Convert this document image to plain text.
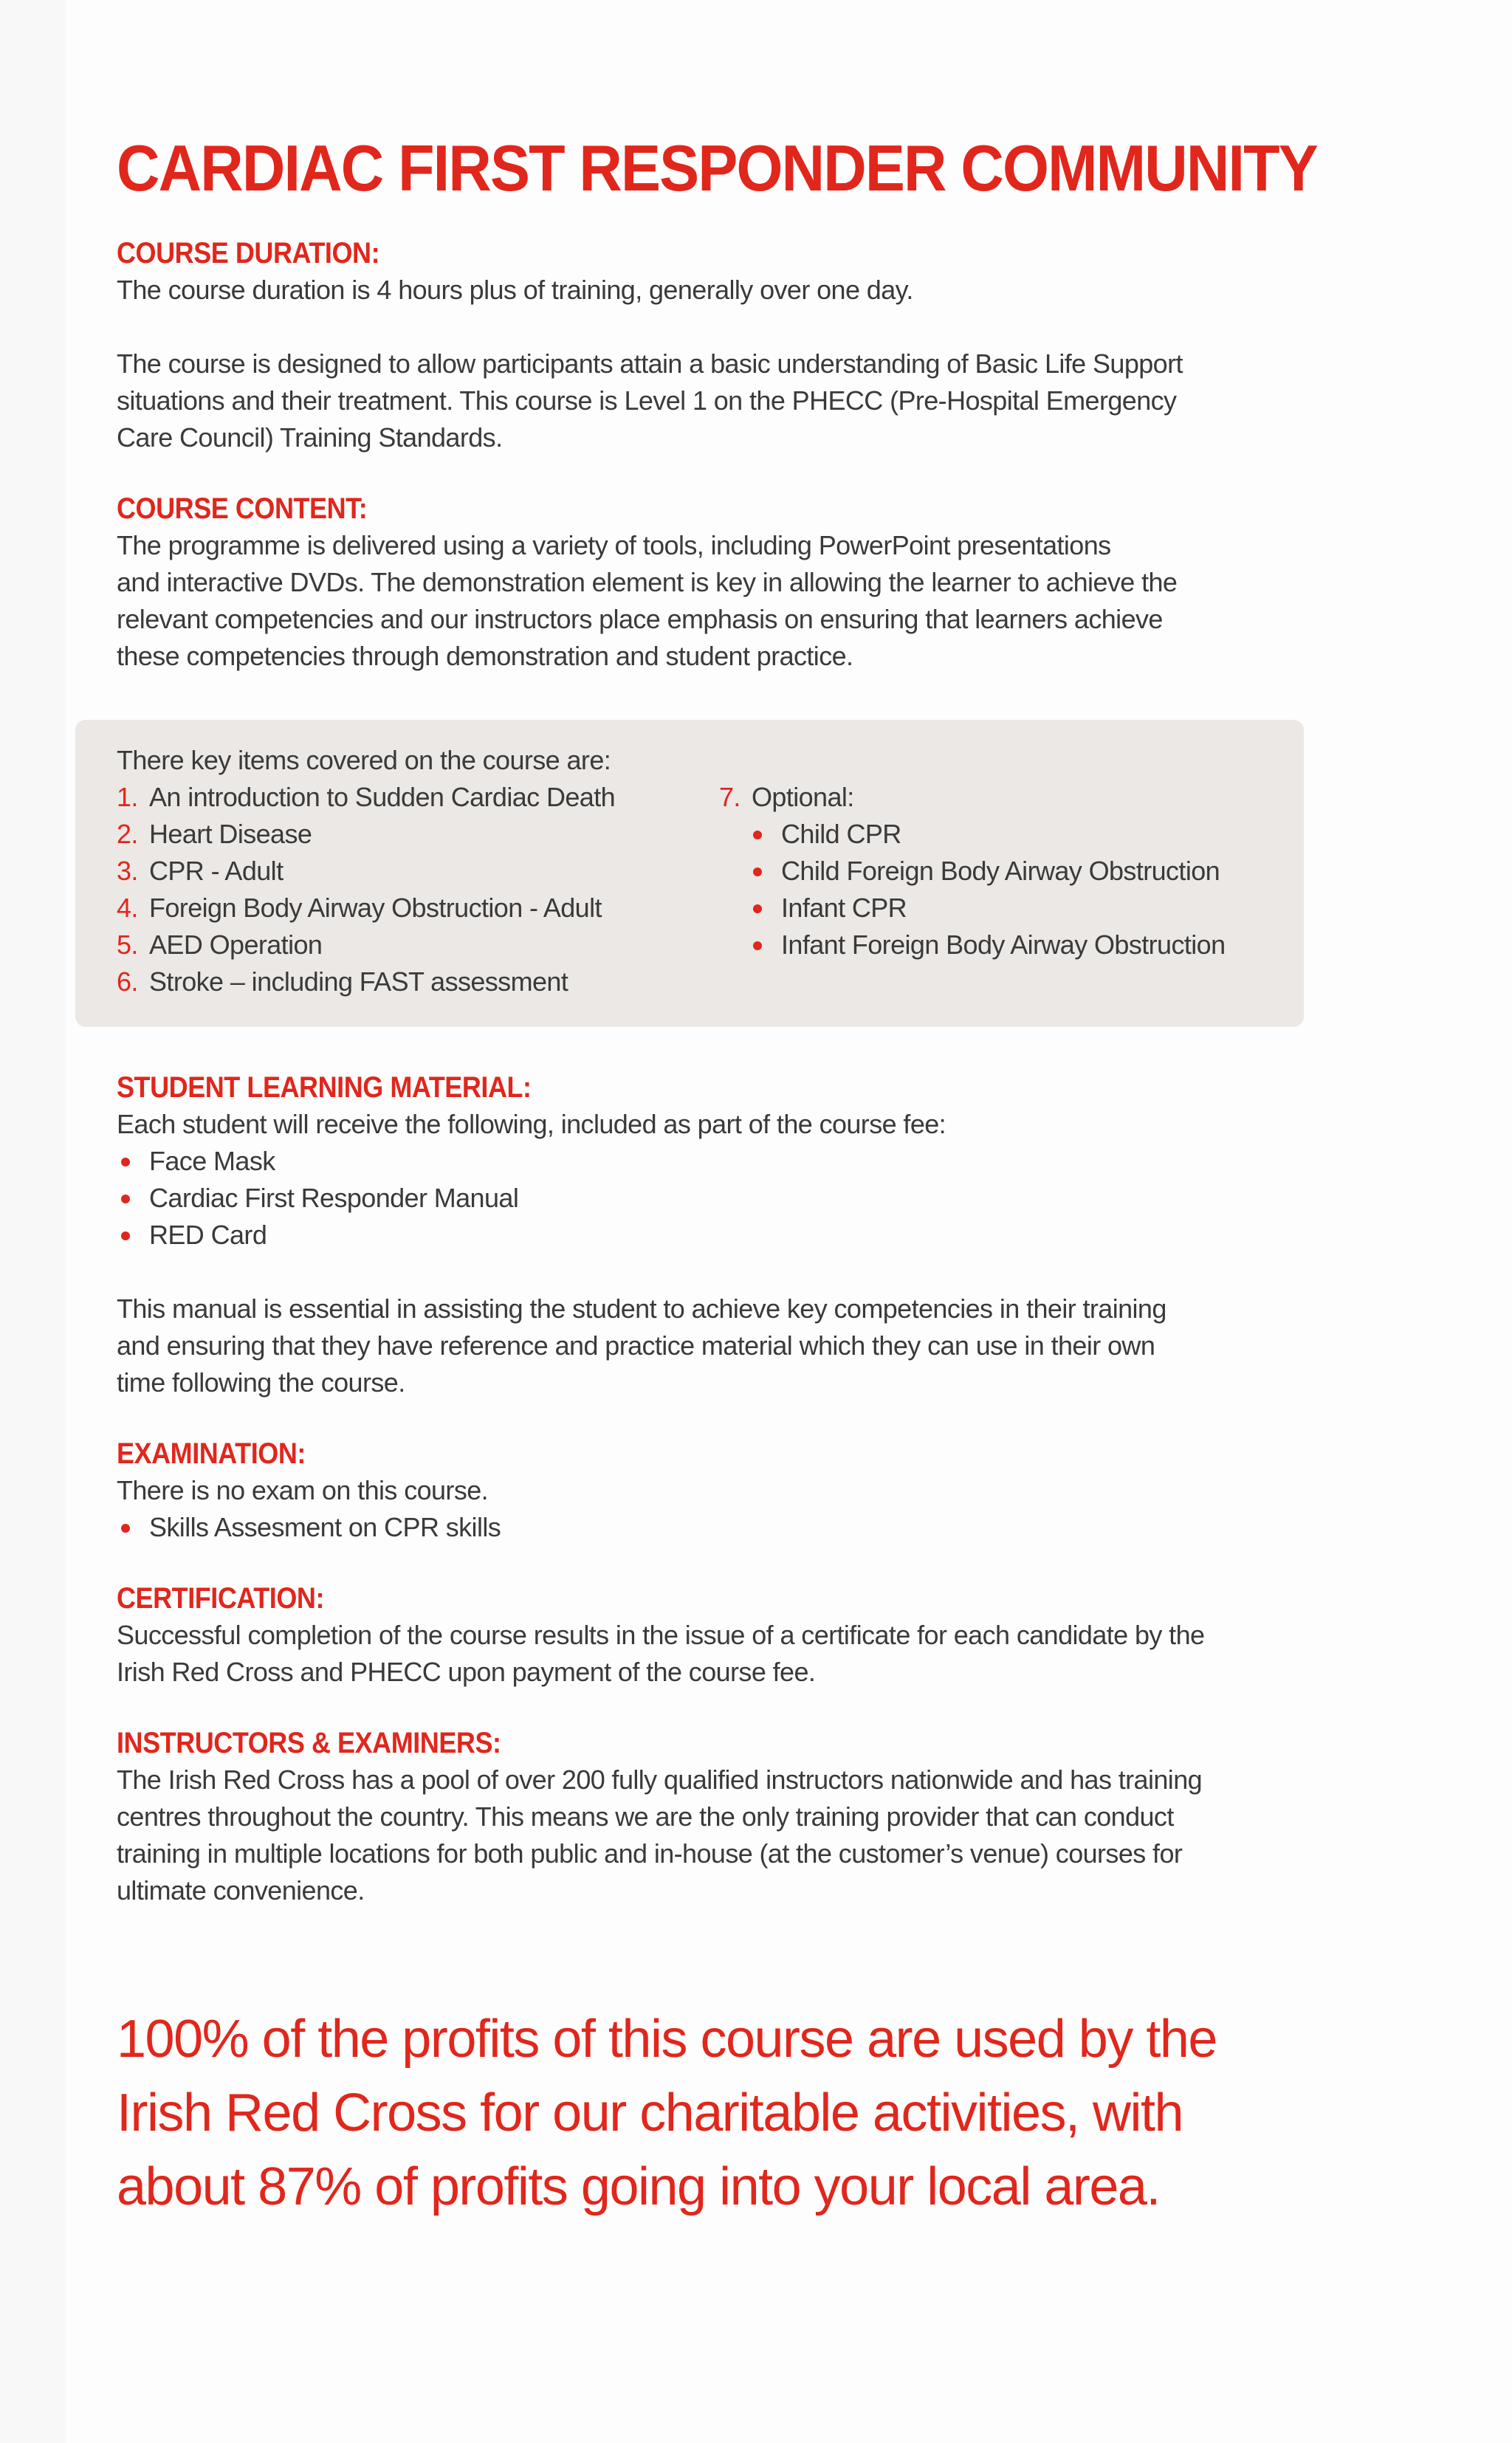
CARDIAC FIRST RESPONDER COMMUNITY
COURSE DURATION:

The course duration is 4 hours plus of training, generally over one day.

The course is designed to allow participants attain a basic understanding of Basic Life Support

situations and their treatment. This course is Level 1 on the PHECC (Pre-Hospital Emergency

Care Council) Training Standards.

COURSE CONTENT:

The programme is delivered using a variety of tools, including PowerPoint presentations

and interactive DVDs. The demonstration element is key in allowing the learner to achieve the

relevant competencies and our instructors place emphasis on ensuring that learners achieve

these competencies through demonstration and student practice.

There key items covered on the course are:

1. An introduction to Sudden Cardiac Death
2. Heart Disease
3. CPR - Adult
4. Foreign Body Airway Obstruction - Adult
5. AED Operation
6. Stroke – including FAST assessment
7. Optional:
Child CPR
Child Foreign Body Airway Obstruction
Infant CPR
Infant Foreign Body Airway Obstruction
STUDENT LEARNING MATERIAL:

Each student will receive the following, included as part of the course fee:

Face Mask
Cardiac First Responder Manual
RED Card

This manual is essential in assisting the student to achieve key competencies in their training

and ensuring that they have reference and practice material which they can use in their own

time following the course.

EXAMINATION:

There is no exam on this course.

Skills Assesment on CPR skills
CERTIFICATION:

Successful completion of the course results in the issue of a certificate for each candidate by the

Irish Red Cross and PHECC upon payment of the course fee.

INSTRUCTORS & EXAMINERS:

The Irish Red Cross has a pool of over 200 fully qualified instructors nationwide and has training

centres throughout the country. This means we are the only training provider that can conduct

training in multiple locations for both public and in-house (at the customer’s venue) courses for

ultimate convenience.

100% of the profits of this course are used by the
Irish Red Cross for our charitable activities, with
about 87% of profits going into your local area.
